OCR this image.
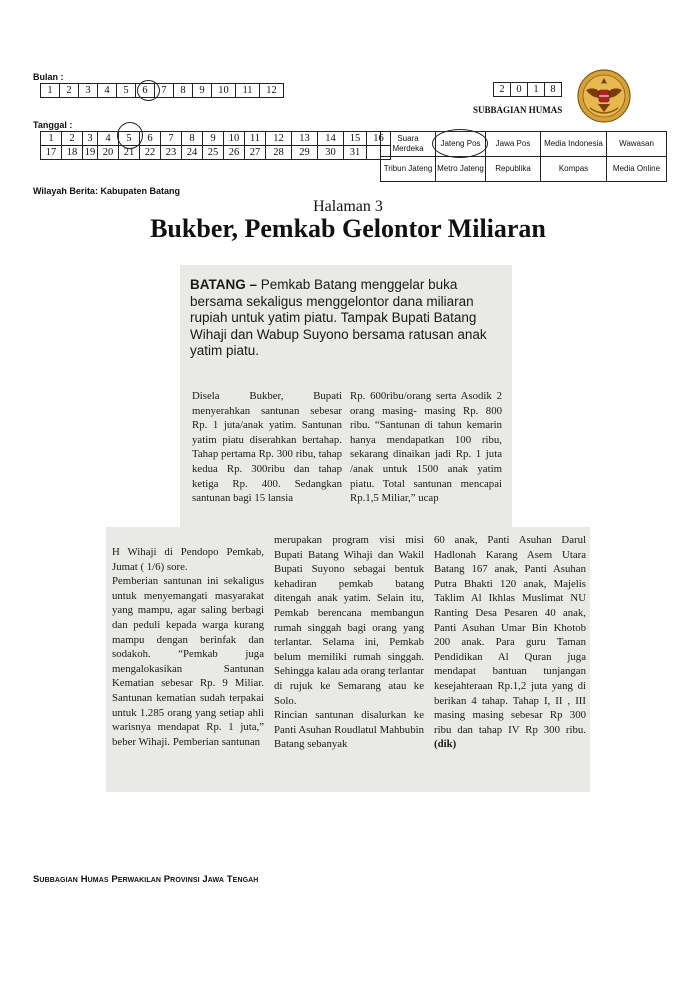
Bulan :
1	2	3	4	5	6	7	8	9	10	11	12
Tanggal :
1	2	3	4	5	6	7	8	9	10	11	12	13	14	15	16
17	18	19	20	21	22	23	24	25	26	27	28	29	30	31	
2	0	1	8
SUBBAGIAN HUMAS
Suara Merdeka	Jateng Pos	Jawa Pos	Media Indonesia	Wawasan
Tribun Jateng	Metro Jateng	Republika	Kompas	Media Online
Wilayah Berita: Kabupaten Batang
Halaman 3
Bukber, Pemkab Gelontor Miliaran
BATANG – Pemkab Batang menggelar buka bersama sekaligus menggelontor dana miliaran rupiah untuk yatim piatu. Tampak Bupati Batang Wihaji dan Wabup Suyono bersama ratusan anak yatim piatu.

Disela Bukber, Bupati menyerahkan santunan sebesar Rp. 1 juta/anak yatim. Santunan yatim piatu diserahkan bertahap. Tahap pertama Rp. 300 ribu, tahap kedua Rp. 300ribu dan tahap ketiga Rp. 400. Sedangkan santunan bagi 15 lansia

Rp. 600ribu/orang serta Asodik 2 orang masing- masing Rp. 800 ribu. “Santunan di tahun kemarin hanya mendapatkan 100 ribu, sekarang dinaikan jadi Rp. 1 juta /anak untuk 1500 anak yatim piatu. Total santunan mencapai Rp.1,5 Miliar,” ucap

H Wihaji di Pendopo Pemkab, Jumat ( 1/6) sore.
Pemberian santunan ini sekaligus untuk menyemangati masyarakat yang mampu, agar saling berbagi dan peduli kepada warga kurang mampu dengan berinfak dan sodakoh. “Pemkab juga mengalokasikan Santunan Kematian sebesar Rp. 9 Miliar. Santunan kematian sudah terpakai untuk 1.285 orang yang setiap ahli warisnya mendapat Rp. 1 juta,” beber Wihaji. Pemberian santunan

merupakan program visi misi Bupati Batang Wihaji dan Wakil Bupati Suyono sebagai bentuk kehadiran pemkab batang ditengah anak yatim. Selain itu, Pemkab berencana membangun rumah singgah bagi orang yang terlantar. Selama ini, Pemkab belum memiliki rumah singgah. Sehingga kalau ada orang terlantar di rujuk ke Semarang atau ke Solo.
Rincian santunan disalurkan ke Panti Asuhan Roudlatul Mahbubin Batang sebanyak

60 anak, Panti Asuhan Darul Hadlonah Karang Asem Utara Batang 167 anak, Panti Asuhan Putra Bhakti 120 anak, Majelis Taklim Al Ikhlas Muslimat NU Ranting Desa Pesaren 40 anak, Panti Asuhan Umar Bin Khotob 200 anak. Para guru Taman Pendidikan Al Quran juga mendapat bantuan tunjangan kesejahteraan Rp.1,2 juta yang di berikan 4 tahap. Tahap I, II , III masing masing sebesar Rp 300 ribu dan tahap IV Rp 300 ribu. (dik)

Subbagian Humas Perwakilan Provinsi Jawa Tengah
